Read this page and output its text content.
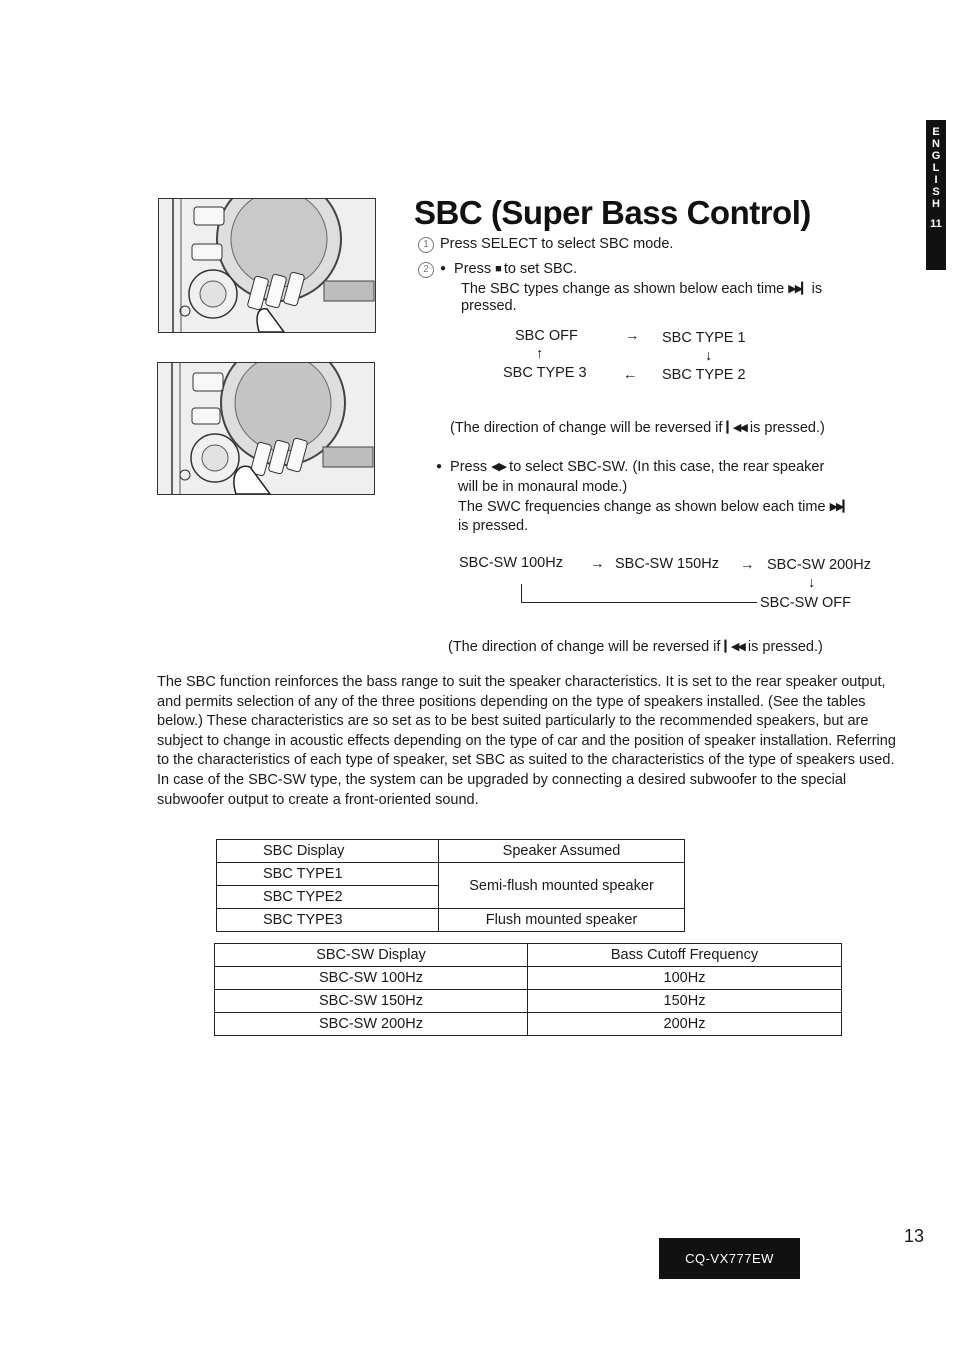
E
N
G
L
I
S
H
11
SBC (Super Bass Control)
1 Press SELECT to select SBC mode.
2 ● Press ■ to set SBC.
The SBC types change as shown below each time ▶▶▎ is
pressed.
SBC OFF	→ SBC TYPE 1
↑	↓
SBC TYPE 3	← SBC TYPE 2
(The direction of change will be reversed if ▎◀◀ is pressed.)
● Press ◀ ▶ to select SBC-SW. (In this case, the rear speaker
will be in monaural mode.)
The SWC frequencies change as shown below each time ▶▶▎
is pressed.
SBC-SW 100Hz → SBC-SW 150Hz → SBC-SW 200Hz
↓
SBC-SW OFF
(The direction of change will be reversed if ▎◀◀ is pressed.)
The SBC function reinforces the bass range to suit the speaker characteristics. It is set to the rear speaker output, and permits selection of any of the three positions depending on the type of speakers installed. (See the tables below.) These characteristics are so set as to be best suited particularly to the recommended speakers, but are subject to change in acoustic effects depending on the type of car and the position of speaker installation. Referring to the characteristics of each type of speaker, set SBC as suited to the characteristics of the type of speakers used. In case of the SBC-SW type, the system can be upgraded by connecting a desired subwoofer to the special subwoofer output to create a front-oriented sound.
SBC Display	Speaker Assumed
SBC TYPE1	Semi-flush mounted speaker
SBC TYPE2	
SBC TYPE3	Flush mounted speaker
SBC-SW Display	Bass Cutoff Frequency
SBC-SW 100Hz	100Hz
SBC-SW 150Hz	150Hz
SBC-SW 200Hz	200Hz
13
CQ-VX777EW
